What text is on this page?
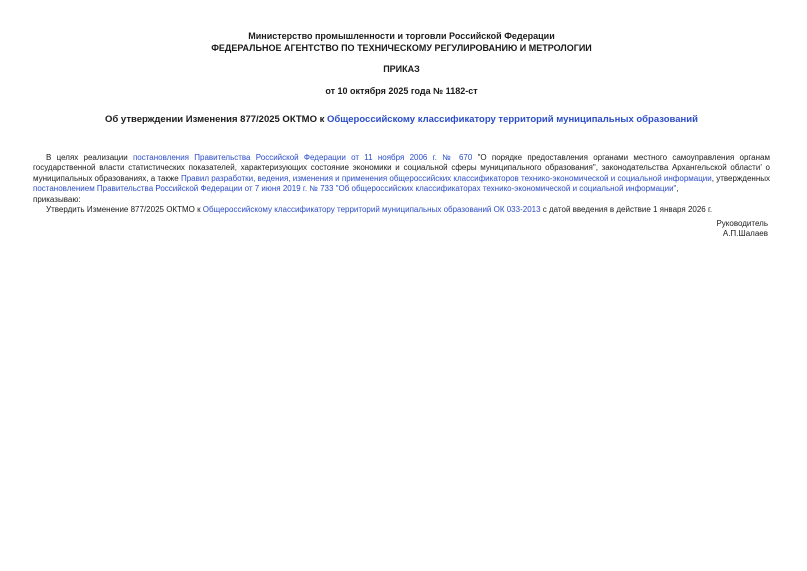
Министерство промышленности и торговли Российской Федерации
ФЕДЕРАЛЬНОЕ АГЕНТСТВО ПО ТЕХНИЧЕСКОМУ РЕГУЛИРОВАНИЮ И МЕТРОЛОГИИ
ПРИКАЗ
от 10 октября 2025 года № 1182-ст
Об утверждении Изменения 877/2025 ОКТМО к Общероссийскому классификатору территорий муниципальных образований

В целях реализации постановления Правительства Российской Федерации от 11 ноября 2006 г. № 670 "О порядке предоставления органами местного самоуправления органам государственной власти статистических показателей, характеризующих состояние экономики и социальной сферы муниципального образования", законодательства Архангельской области' о муниципальных образованиях, а также Правил разработки, ведения, изменения и применения общероссийских классификаторов технико-экономической и социальной информации, утвержденных постановлением Правительства Российской Федерации от 7 июня 2019 г. № 733 "Об общероссийских классификаторах технико-экономической и социальной информации",

приказываю:

Утвердить Изменение 877/2025 ОКТМО к Общероссийскому классификатору территорий муниципальных образований ОК 033-2013 с датой введения в действие 1 января 2026 г.

Руководитель
А.П.Шалаев
